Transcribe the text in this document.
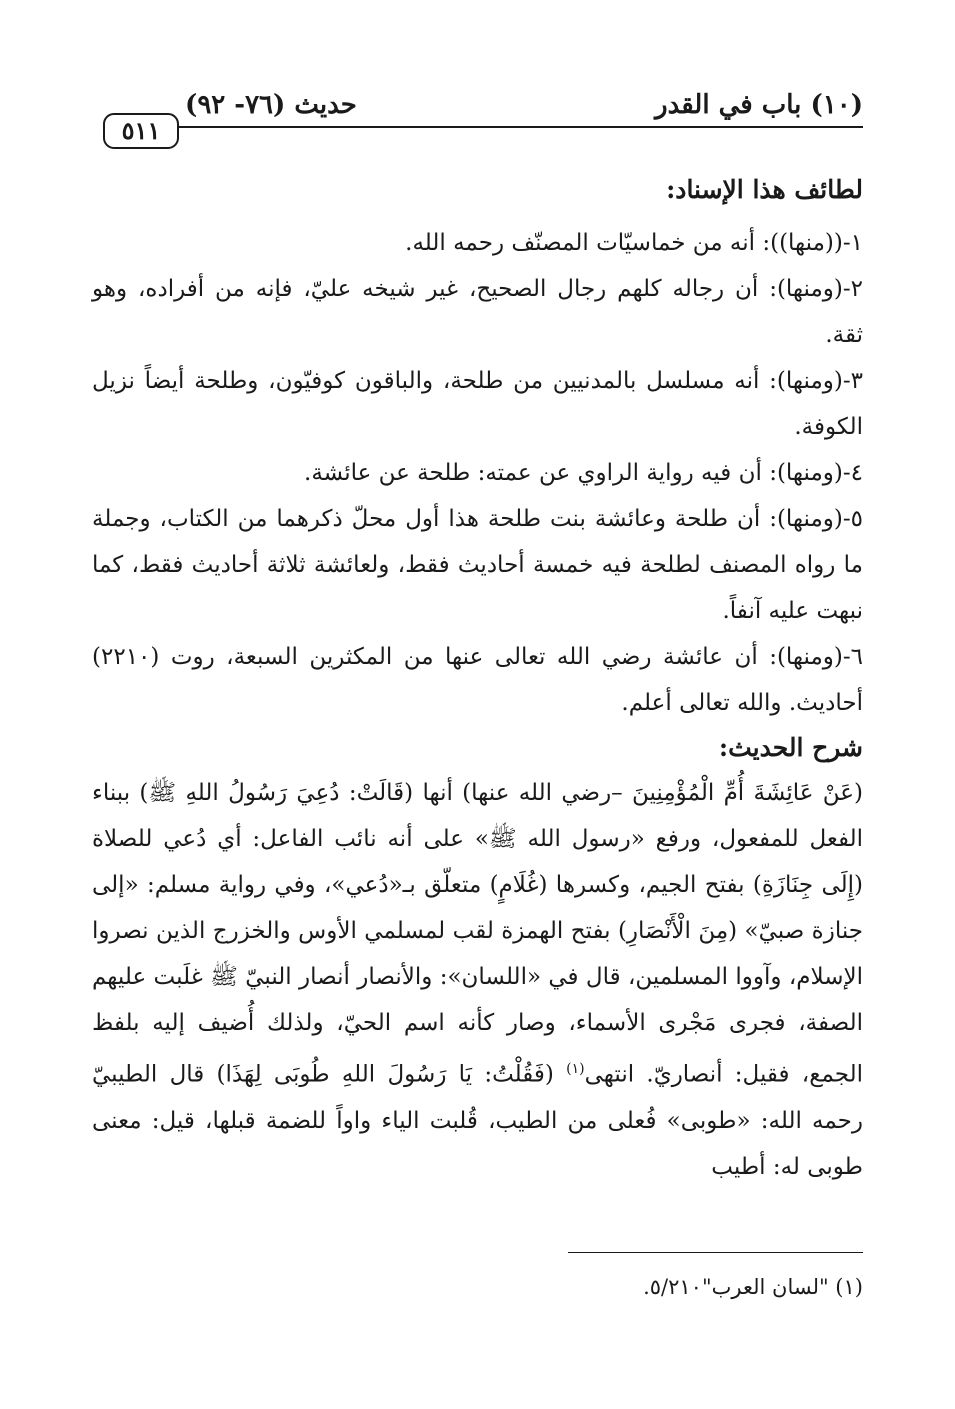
(١٠) باب في القدر
حديث (٧٦- ٩٢)
٥١١
لطائف هذا الإسناد:

١-((منها)): أنه من خماسيّات المصنّف رحمه الله.

٢-(ومنها): أن رجاله كلهم رجال الصحيح، غير شيخه عليّ، فإنه من أفراده، وهو ثقة.

٣-(ومنها): أنه مسلسل بالمدنيين من طلحة، والباقون كوفيّون، وطلحة أيضاً نزيل الكوفة.

٤-(ومنها): أن فيه رواية الراوي عن عمته: طلحة عن عائشة.

٥-(ومنها): أن طلحة وعائشة بنت طلحة هذا أول محلّ ذكرهما من الكتاب، وجملة ما رواه المصنف لطلحة فيه خمسة أحاديث فقط، ولعائشة ثلاثة أحاديث فقط، كما نبهت عليه آنفاً.

٦-(ومنها): أن عائشة رضي الله تعالى عنها من المكثرين السبعة، روت (٢٢١٠) أحاديث. والله تعالى أعلم.

شرح الحديث:

(عَنْ عَائِشَةَ أُمِّ الْمُؤْمِنِينَ –رضي الله عنها) أنها (قَالَتْ: دُعِيَ رَسُولُ اللهِ ﷺ) ببناء الفعل للمفعول، ورفع «رسول الله ﷺ» على أنه نائب الفاعل: أي دُعي للصلاة (إِلَى جِنَازَةِ) بفتح الجيم، وكسرها (غُلَامٍ) متعلّق بـ«دُعي»، وفي رواية مسلم: «إلى جنازة صبيّ» (مِنَ الْأَنْصَارِ) بفتح الهمزة لقب لمسلمي الأوس والخزرج الذين نصروا الإسلام، وآووا المسلمين، قال في «اللسان»: والأنصار أنصار النبيّ ﷺ غلَبت عليهم الصفة، فجرى مَجْرى الأسماء، وصار كأنه اسم الحيّ، ولذلك أُضيف إليه بلفظ الجمع، فقيل: أنصاريّ. انتهى$^{(١)}$ (فَقُلْتُ: يَا رَسُولَ اللهِ طُوبَى لِهَذَا) قال الطيبيّ رحمه الله: «طوبى» فُعلى من الطيب، قُلبت الياء واواً للضمة قبلها، قيل: معنى طوبى له: أطيب

(١) "لسان العرب"٥/٢١٠.
